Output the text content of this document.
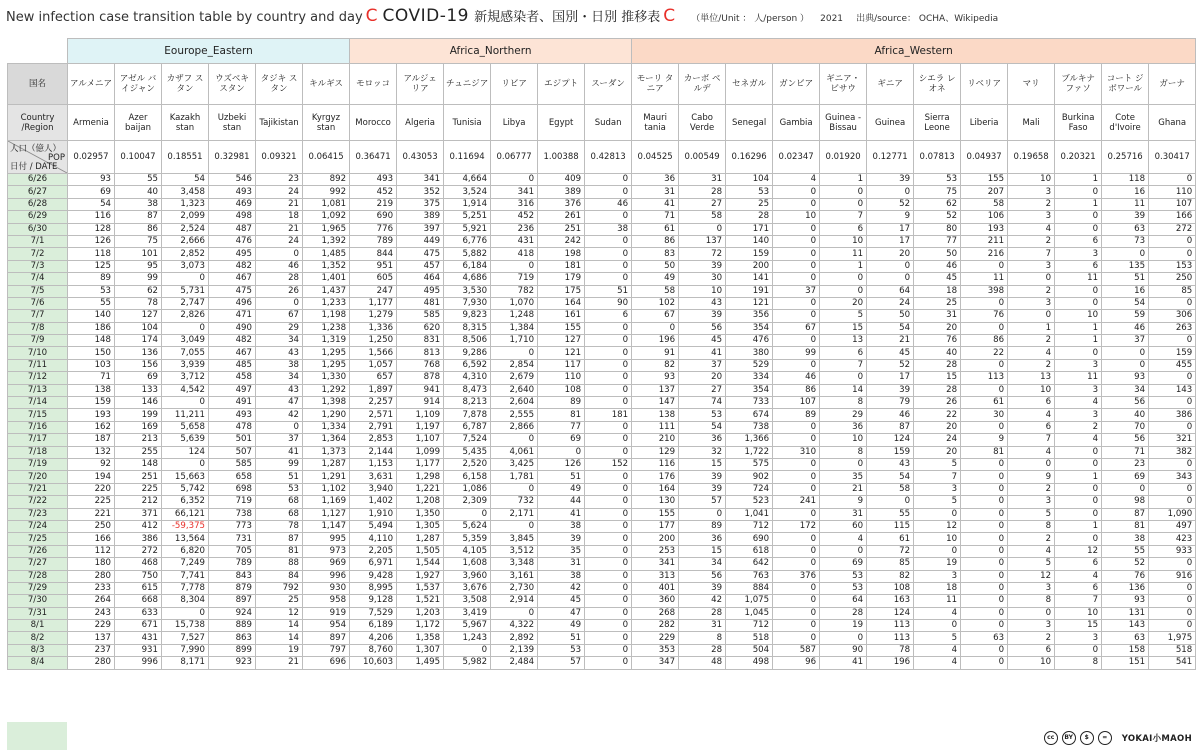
New infection case transition table by country and day C COVID-19 新規感染者、国別・日別 推移表 C （単位/Unit ： 人/person ） 2021 出典/source： OCHA、Wikipedia
	Eourope_Eastern						Africa_Northern						Africa_Western											
国名	アルメニア	アゼル バイジャン	カザフ スタン	ウズベキ スタン	タジキ スタン	キルギス	モロッコ	アルジェ リア	チュニジア	リビア	エジプト	スーダン	モーリ タニア	カーボ ベルデ	セネガル	ガンビア	ギニア・ ビサウ	ギニア	シエラ レオネ	リベリア	マリ	ブルキナ ファソ	コート ジボワール	ガーナ
Country /Region	Armenia	Azer baijan	Kazakh stan	Uzbeki stan	Tajikistan	Kyrgyz stan	Morocco	Algeria	Tunisia	Libya	Egypt	Sudan	Mauri tania	Cabo Verde	Senegal	Gambia	Guinea -Bissau	Guinea	Sierra Leone	Liberia	Mali	Burkina Faso	Cote d'Ivoire	Ghana

人口（億人）
POP
日付 / DATE	0.02957	0.10047	0.18551	0.32981	0.09321	0.06415	0.36471	0.43053	0.11694	0.06777	1.00388	0.42813	0.04525	0.00549	0.16296	0.02347	0.01920	0.12771	0.07813	0.04937	0.19658	0.20321	0.25716	0.30417
6/26	93	55	54	546	23	892	493	341	4,664	0	409	0	36	31	104	4	1	39	53	155	10	1	118	0
6/27	69	40	3,458	493	24	992	452	352	3,524	341	389	0	31	28	53	0	0	0	75	207	3	0	16	110
6/28	54	38	1,323	469	21	1,081	219	375	1,914	316	376	46	41	27	25	0	0	52	62	58	2	1	11	107
6/29	116	87	2,099	498	18	1,092	690	389	5,251	452	261	0	71	58	28	10	7	9	52	106	3	0	39	166
6/30	128	86	2,524	487	21	1,965	776	397	5,921	236	251	38	61	0	171	0	6	17	80	193	4	0	63	272
7/1	126	75	2,666	476	24	1,392	789	449	6,776	431	242	0	86	137	140	0	10	17	77	211	2	6	73	0
7/2	118	101	2,852	495	0	1,485	844	475	5,882	418	198	0	83	72	159	0	11	20	50	216	7	3	0	0
7/3	125	95	3,073	482	46	1,352	951	457	6,184	0	181	0	50	39	200	0	1	0	46	0	3	6	135	153
7/4	89	99	0	467	28	1,401	605	464	4,686	719	179	0	49	30	141	0	0	0	45	11	0	11	51	250
7/5	53	62	5,731	475	26	1,437	247	495	3,530	782	175	51	58	10	191	37	0	64	18	398	2	0	16	85
7/6	55	78	2,747	496	0	1,233	1,177	481	7,930	1,070	164	90	102	43	121	0	20	24	25	0	3	0	54	0
7/7	140	127	2,826	471	67	1,198	1,279	585	9,823	1,248	161	6	67	39	356	0	5	50	31	76	0	10	59	306
7/8	186	104	0	490	29	1,238	1,336	620	8,315	1,384	155	0	0	56	354	67	15	54	20	0	1	1	46	263
7/9	148	174	3,049	482	34	1,319	1,250	831	8,506	1,710	127	0	196	45	476	0	13	21	76	86	2	1	37	0
7/10	150	136	7,055	467	43	1,295	1,566	813	9,286	0	121	0	91	41	380	99	6	45	40	22	4	0	0	159
7/11	103	156	3,939	485	38	1,295	1,057	768	6,592	2,854	117	0	82	37	529	0	7	52	28	0	2	3	0	455
7/12	71	69	3,712	458	34	1,330	657	878	4,310	2,679	110	0	93	20	334	46	0	17	15	113	13	11	93	0
7/13	138	133	4,542	497	43	1,292	1,897	941	8,473	2,640	108	0	137	27	354	86	14	39	28	0	10	3	34	143
7/14	159	146	0	491	47	1,398	2,257	914	8,213	2,604	89	0	147	74	733	107	8	79	26	61	6	4	56	0
7/15	193	199	11,211	493	42	1,290	2,571	1,109	7,878	2,555	81	181	138	53	674	89	29	46	22	30	4	3	40	386
7/16	162	169	5,658	478	0	1,334	2,791	1,197	6,787	2,866	77	0	111	54	738	0	36	87	20	0	6	2	70	0
7/17	187	213	5,639	501	37	1,364	2,853	1,107	7,524	0	69	0	210	36	1,366	0	10	124	24	9	7	4	56	321
7/18	132	255	124	507	41	1,373	2,144	1,099	5,435	4,061	0	0	129	32	1,722	310	8	159	20	81	4	0	71	382
7/19	92	148	0	585	99	1,287	1,153	1,177	2,520	3,425	126	152	116	15	575	0	0	43	5	0	0	0	23	0
7/20	194	251	15,663	658	51	1,291	3,631	1,298	6,158	1,781	51	0	176	39	902	0	35	54	7	0	9	1	69	343
7/21	220	225	5,742	698	53	1,102	3,940	1,221	1,086	0	49	0	164	39	724	0	21	58	3	0	2	0	0	0
7/22	225	212	6,352	719	68	1,169	1,402	1,208	2,309	732	44	0	130	57	523	241	9	0	5	0	3	0	98	0
7/23	221	371	66,121	738	68	1,127	1,910	1,350	0	2,171	41	0	155	0	1,041	0	31	55	0	0	5	0	87	1,090
7/24	250	412	-59,375	773	78	1,147	5,494	1,305	5,624	0	38	0	177	89	712	172	60	115	12	0	8	1	81	497
7/25	166	386	13,564	731	87	995	4,110	1,287	5,359	3,845	39	0	200	36	690	0	4	61	10	0	2	0	38	423
7/26	112	272	6,820	705	81	973	2,205	1,505	4,105	3,512	35	0	253	15	618	0	0	72	0	0	4	12	55	933
7/27	180	468	7,249	789	88	969	6,971	1,544	1,608	3,348	31	0	341	34	642	0	69	85	19	0	5	6	52	0
7/28	280	750	7,741	843	84	996	9,428	1,927	3,960	3,161	38	0	313	56	763	376	53	82	3	0	12	4	76	916
7/29	233	615	7,778	879	792	930	8,995	1,537	3,676	2,730	42	0	401	39	884	0	53	108	18	0	3	6	136	0
7/30	264	668	8,304	897	25	958	9,128	1,521	3,508	2,914	45	0	360	42	1,075	0	64	163	11	0	8	7	93	0
7/31	243	633	0	924	12	919	7,529	1,203	3,419	0	47	0	268	28	1,045	0	28	124	4	0	0	10	131	0
8/1	229	671	15,738	889	14	954	6,189	1,172	5,967	4,322	49	0	282	31	712	0	19	113	0	0	3	15	143	0
8/2	137	431	7,527	863	14	897	4,206	1,358	1,243	2,892	51	0	229	8	518	0	0	113	5	63	2	3	63	1,975
8/3	237	931	7,990	899	19	797	8,760	1,307	0	2,139	53	0	353	28	504	587	90	78	4	0	6	0	158	518
8/4	280	996	8,171	923	21	696	10,603	1,495	5,982	2,484	57	0	347	48	498	96	41	196	4	0	10	8	151	541
cc	BY	$	=	YOKAI小MAOH
